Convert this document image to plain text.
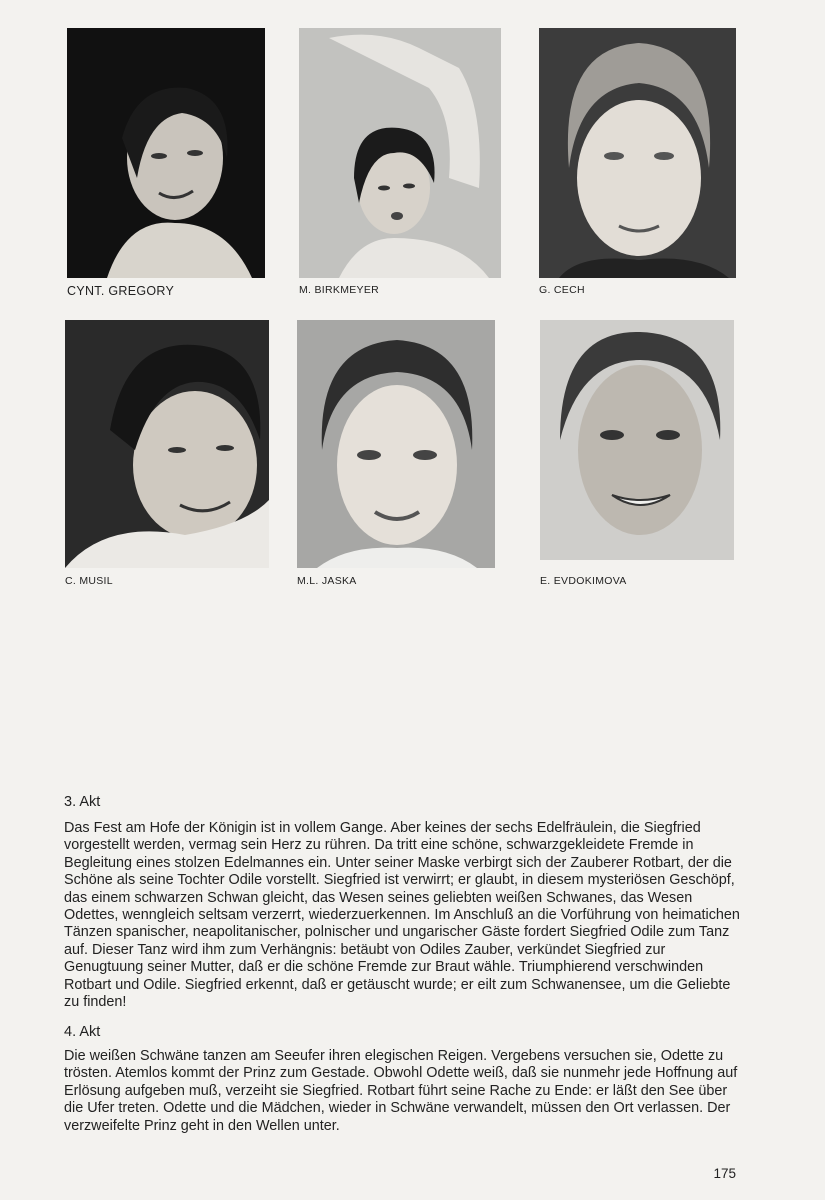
CYNT. GREGORY	M. BIRKMEYER	G. CECH
C. MUSIL	M.L. JASKA	E. EVDOKIMOVA
3. Akt

Das Fest am Hofe der Königin ist in vollem Gange. Aber keines der sechs Edelfräulein, die Siegfried vorgestellt werden, vermag sein Herz zu rühren. Da tritt eine schöne, schwarzgekleidete Fremde in Begleitung eines stolzen Edelmannes ein. Unter seiner Maske verbirgt sich der Zauberer Rotbart, der die Schöne als seine Tochter Odile vorstellt. Siegfried ist verwirrt; er glaubt, in diesem mysteriösen Geschöpf, das einem schwarzen Schwan gleicht, das Wesen seines geliebten weißen Schwanes, das Wesen Odettes, wenngleich seltsam verzerrt, wiederzuerkennen. Im Anschluß an die Vorführung von heimatichen Tänzen spanischer, neapolitanischer, polnischer und ungarischer Gäste fordert Siegfried Odile zum Tanz auf. Dieser Tanz wird ihm zum Verhängnis: betäubt von Odiles Zauber, verkündet Siegfried zur Genugtuung seiner Mutter, daß er die schöne Fremde zur Braut wähle. Triumphierend verschwinden Rotbart und Odile. Siegfried erkennt, daß er getäuscht wurde; er eilt zum Schwanensee, um die Geliebte zu finden!

4. Akt

Die weißen Schwäne tanzen am Seeufer ihren elegischen Reigen. Vergebens versuchen sie, Odette zu trösten. Atemlos kommt der Prinz zum Gestade. Obwohl Odette weiß, daß sie nunmehr jede Hoffnung auf Erlösung aufgeben muß, verzeiht sie Siegfried. Rotbart führt seine Rache zu Ende: er läßt den See über die Ufer treten. Odette und die Mädchen, wieder in Schwäne verwandelt, müssen den Ort verlassen. Der verzweifelte Prinz geht in den Wellen unter.

175
